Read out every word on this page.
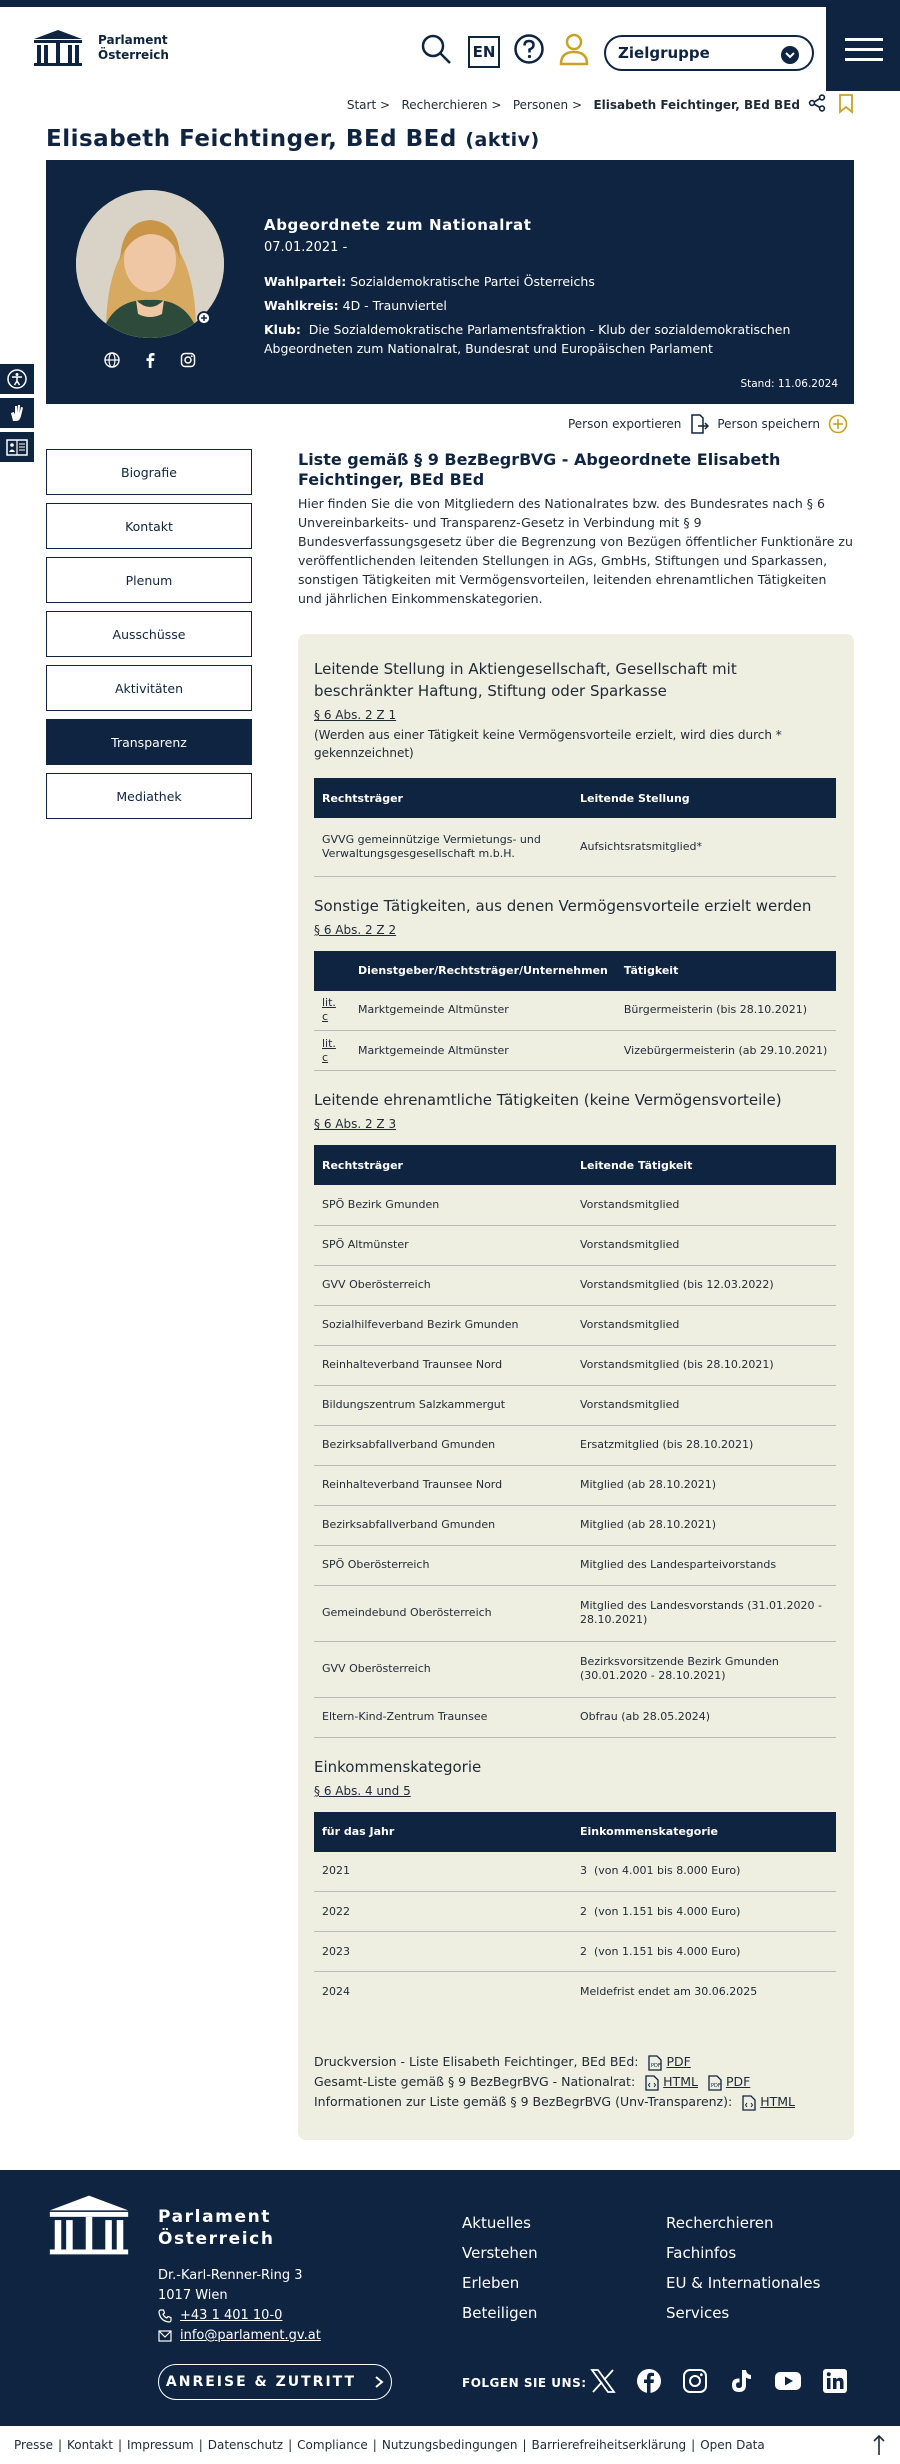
Parlament
Österreich	EN	Zielgruppe
Start > Recherchieren > Personen > Elisabeth Feichtinger, BEd BEd
Elisabeth Feichtinger, BEd BEd (aktiv)
Abgeordnete zum Nationalrat
07.01.2021 -
Wahlpartei: Sozialdemokratische Partei Österreichs
Wahlkreis: 4D - Traunviertel
Klub: Die Sozialdemokratische Parlamentsfraktion - Klub der sozialdemokratischen Abgeordneten zum Nationalrat, Bundesrat und Europäischen Parlament
Stand: 11.06.2024
Person exportieren	Person speichern
Biografie
Kontakt
Plenum
Ausschüsse
Aktivitäten
Transparenz
Mediathek
Liste gemäß § 9 BezBegrBVG - Abgeordnete Elisabeth Feichtinger, BEd BEd

Hier finden Sie die von Mitgliedern des Nationalrates bzw. des Bundesrates nach § 6 Unvereinbarkeits- und Transparenz-Gesetz in Verbindung mit § 9 Bundesverfassungsgesetz über die Begrenzung von Bezügen öffentlicher Funktionäre zu veröffentlichenden leitenden Stellungen in AGs, GmbHs, Stiftungen und Sparkassen, sonstigen Tätigkeiten mit Vermögensvorteilen, leitenden ehrenamtlichen Tätigkeiten und jährlichen Einkommenskategorien.

Leitende Stellung in Aktiengesellschaft, Gesellschaft mit beschränkter Haftung, Stiftung oder Sparkasse
§ 6 Abs. 2 Z 1
(Werden aus einer Tätigkeit keine Vermögensvorteile erzielt, wird dies durch * gekennzeichnet)
Rechtsträger	Leitende Stellung
GVVG gemeinnützige Vermietungs- und Verwaltungsgesgesellschaft m.b.H.	Aufsichtsratsmitglied*
Sonstige Tätigkeiten, aus denen Vermögensvorteile erzielt werden
§ 6 Abs. 2 Z 2
	Dienstgeber/Rechtsträger/Unternehmen	Tätigkeit
lit. c	Marktgemeinde Altmünster	Bürgermeisterin (bis 28.10.2021)
lit. c	Marktgemeinde Altmünster	Vizebürgermeisterin (ab 29.10.2021)
Leitende ehrenamtliche Tätigkeiten (keine Vermögensvorteile)
§ 6 Abs. 2 Z 3
Rechtsträger	Leitende Tätigkeit
SPÖ Bezirk Gmunden	Vorstandsmitglied
SPÖ Altmünster	Vorstandsmitglied
GVV Oberösterreich	Vorstandsmitglied (bis 12.03.2022)
Sozialhilfeverband Bezirk Gmunden	Vorstandsmitglied
Reinhalteverband Traunsee Nord	Vorstandsmitglied (bis 28.10.2021)
Bildungszentrum Salzkammergut	Vorstandsmitglied
Bezirksabfallverband Gmunden	Ersatzmitglied (bis 28.10.2021)
Reinhalteverband Traunsee Nord	Mitglied (ab 28.10.2021)
Bezirksabfallverband Gmunden	Mitglied (ab 28.10.2021)
SPÖ Oberösterreich	Mitglied des Landesparteivorstands
Gemeindebund Oberösterreich	Mitglied des Landesvorstands (31.01.2020 - 28.10.2021)
GVV Oberösterreich	Bezirksvorsitzende Bezirk Gmunden (30.01.2020 - 28.10.2021)
Eltern-Kind-Zentrum Traunsee	Obfrau (ab 28.05.2024)
Einkommenskategorie
§ 6 Abs. 4 und 5
für das Jahr	Einkommenskategorie
2021	3  (von 4.001 bis 8.000 Euro)
2022	2  (von 1.151 bis 4.000 Euro)
2023	2  (von 1.151 bis 4.000 Euro)
2024	Meldefrist endet am 30.06.2025
Druckversion - Liste Elisabeth Feichtinger, BEd BEd:	PDF PDF
Gesamt-Liste gemäß § 9 BezBegrBVG - Nationalrat: HTML	PDF PDF
Informationen zur Liste gemäß § 9 BezBegrBVG (Unv-Transparenz): HTML
Parlament
Österreich
Dr.-Karl-Renner-Ring 3
1017 Wien
+43 1 401 10-0
info@parlament.gv.at
Aktuelles
Verstehen
Erleben
Beteiligen
Recherchieren
Fachinfos
EU & Internationales
Services
ANREISE & ZUTRITT	FOLGEN SIE UNS:
Presse | Kontakt | Impressum | Datenschutz | Compliance | Nutzungsbedingungen | Barrierefreiheitserklärung | Open Data
